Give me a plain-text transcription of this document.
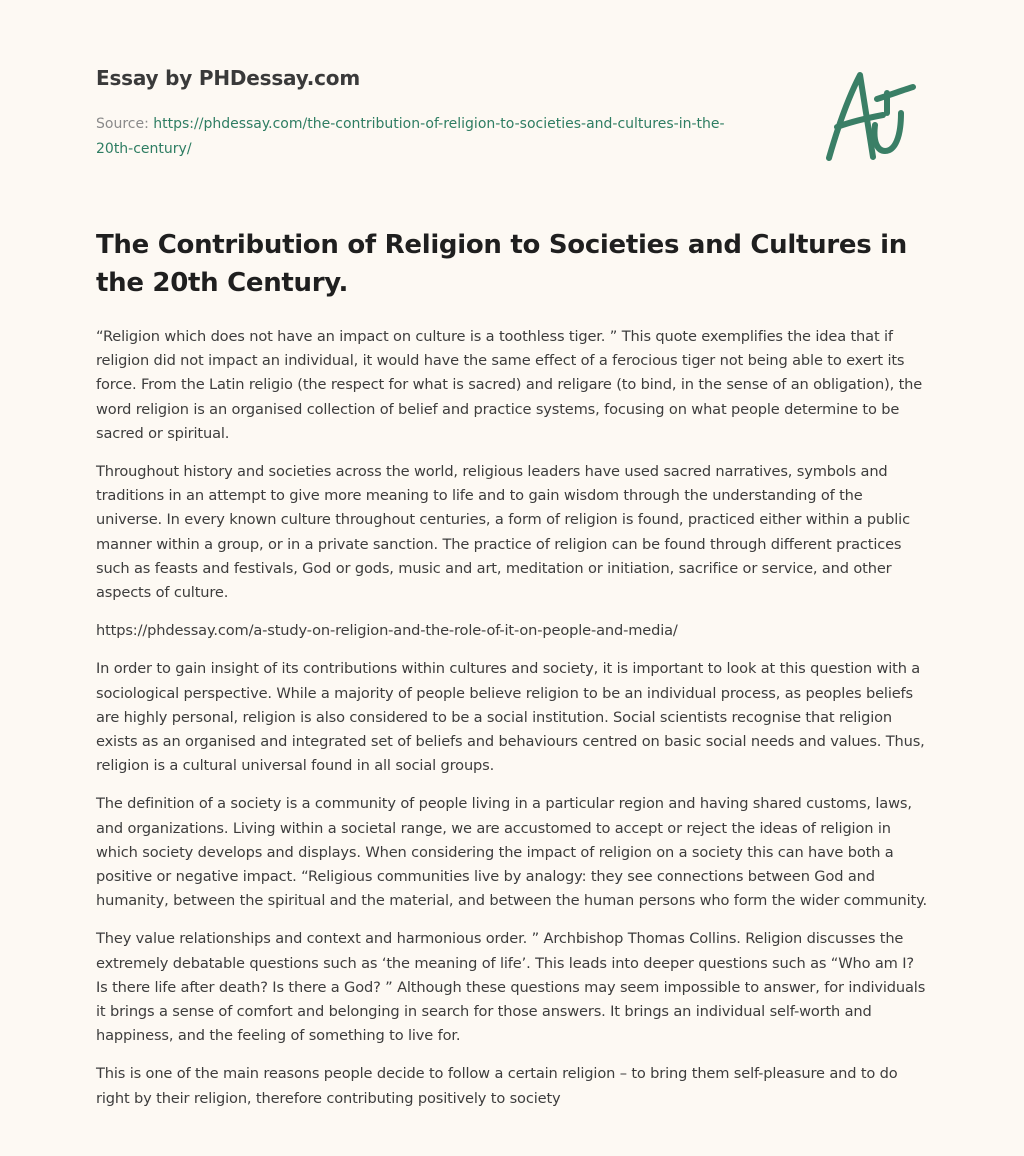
Essay by PHDessay.com

Source: https://phdessay.com/the-contribution-of-religion-to-societies-and-cultures-in-the-20th-century/
The Contribution of Religion to Societies and Cultures in the 20th Century.

“Religion which does not have an impact on culture is a toothless tiger. ” This quote exemplifies the idea that if religion did not impact an individual, it would have the same effect of a ferocious tiger not being able to exert its force. From the Latin religio (the respect for what is sacred) and religare (to bind, in the sense of an obligation), the word religion is an organised collection of belief and practice systems, focusing on what people determine to be sacred or spiritual.

Throughout history and societies across the world, religious leaders have used sacred narratives, symbols and traditions in an attempt to give more meaning to life and to gain wisdom through the understanding of the universe. In every known culture throughout centuries, a form of religion is found, practiced either within a public manner within a group, or in a private sanction. The practice of religion can be found through different practices such as feasts and festivals, God or gods, music and art, meditation or initiation, sacrifice or service, and other aspects of culture.

https://phdessay.com/a-study-on-religion-and-the-role-of-it-on-people-and-media/

In order to gain insight of its contributions within cultures and society, it is important to look at this question with a sociological perspective. While a majority of people believe religion to be an individual process, as peoples beliefs are highly personal, religion is also considered to be a social institution. Social scientists recognise that religion exists as an organised and integrated set of beliefs and behaviours centred on basic social needs and values. Thus, religion is a cultural universal found in all social groups.

The definition of a society is a community of people living in a particular region and having shared customs, laws, and organizations. Living within a societal range, we are accustomed to accept or reject the ideas of religion in which society develops and displays. When considering the impact of religion on a society this can have both a positive or negative impact. “Religious communities live by analogy: they see connections between God and humanity, between the spiritual and the material, and between the human persons who form the wider community.

They value relationships and context and harmonious order. ” Archbishop Thomas Collins. Religion discusses the extremely debatable questions such as ‘the meaning of life’. This leads into deeper questions such as “Who am I? Is there life after death? Is there a God? ” Although these questions may seem impossible to answer, for individuals it brings a sense of comfort and belonging in search for those answers. It brings an individual self-worth and happiness, and the feeling of something to live for.

This is one of the main reasons people decide to follow a certain religion – to bring them self-pleasure and to do right by their religion, therefore contributing positively to society
